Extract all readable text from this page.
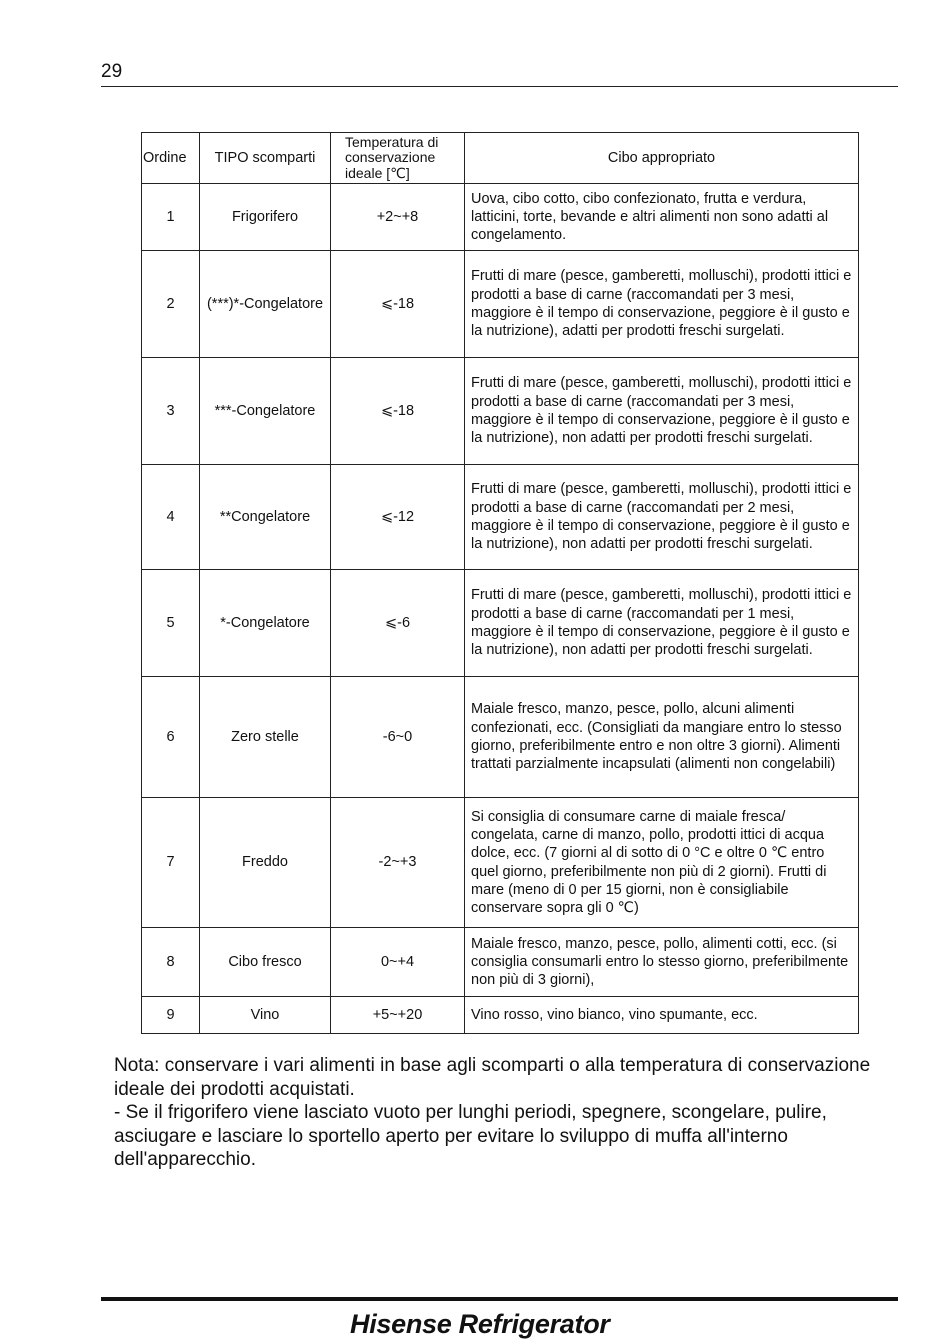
29
Ordine	TIPO scomparti	Temperatura di conservazione ideale [℃]	Cibo appropriato
1	Frigorifero	+2~+8	Uova, cibo cotto, cibo confezionato, frutta e verdura, latticini, torte, bevande e altri alimenti non sono adatti al congelamento.
2	(***)*-Congelatore	⩽-18	Frutti di mare (pesce, gamberetti, molluschi), prodotti ittici e prodotti a base di carne (raccomandati per 3 mesi, maggiore è il tempo di conservazione, peggiore è il gusto e la nutrizione), adatti per prodotti freschi surgelati.
3	***-Congelatore	⩽-18	Frutti di mare (pesce, gamberetti, molluschi), prodotti ittici e prodotti a base di carne (raccomandati per 3 mesi, maggiore è il tempo di conservazione, peggiore è il gusto e la nutrizione), non adatti per prodotti freschi surgelati.
4	**Congelatore	⩽-12	Frutti di mare (pesce, gamberetti, molluschi), prodotti ittici e prodotti a base di carne (raccomandati per 2 mesi, maggiore è il tempo di conservazione, peggiore è il gusto e la nutrizione), non adatti per prodotti freschi surgelati.
5	*-Congelatore	⩽-6	Frutti di mare (pesce, gamberetti, molluschi), prodotti ittici e prodotti a base di carne (raccomandati per 1 mesi, maggiore è il tempo di conservazione, peggiore è il gusto e la nutrizione), non adatti per prodotti freschi surgelati.
6	Zero stelle	-6~0	Maiale fresco, manzo, pesce, pollo, alcuni alimenti confezionati, ecc. (Consigliati da mangiare entro lo stesso giorno, preferibilmente entro e non oltre 3 giorni). Alimenti trattati parzialmente incapsulati (alimenti non congelabili)
7	Freddo	-2~+3	Si consiglia di consumare carne di maiale fresca/ congelata, carne di manzo, pollo, prodotti ittici di acqua dolce, ecc. (7 giorni al di sotto di 0 °C e oltre 0 ℃ entro quel giorno, preferibilmente non più di 2 giorni). Frutti di mare (meno di 0 per 15 giorni, non è consigliabile conservare sopra gli 0 ℃)
8	Cibo fresco	0~+4	Maiale fresco, manzo, pesce, pollo, alimenti cotti, ecc. (si consiglia consumarli entro lo stesso giorno, preferibilmente non più di 3 giorni),
9	Vino	+5~+20	Vino rosso, vino bianco, vino spumante, ecc.

Nota: conservare i vari alimenti in base agli scomparti o alla temperatura di conservazione ideale dei prodotti acquistati.

- Se il frigorifero viene lasciato vuoto per lunghi periodi, spegnere, scongelare, pulire, asciugare e lasciare lo sportello aperto per evitare lo sviluppo di muffa all'interno dell'apparecchio.

Hisense Refrigerator
